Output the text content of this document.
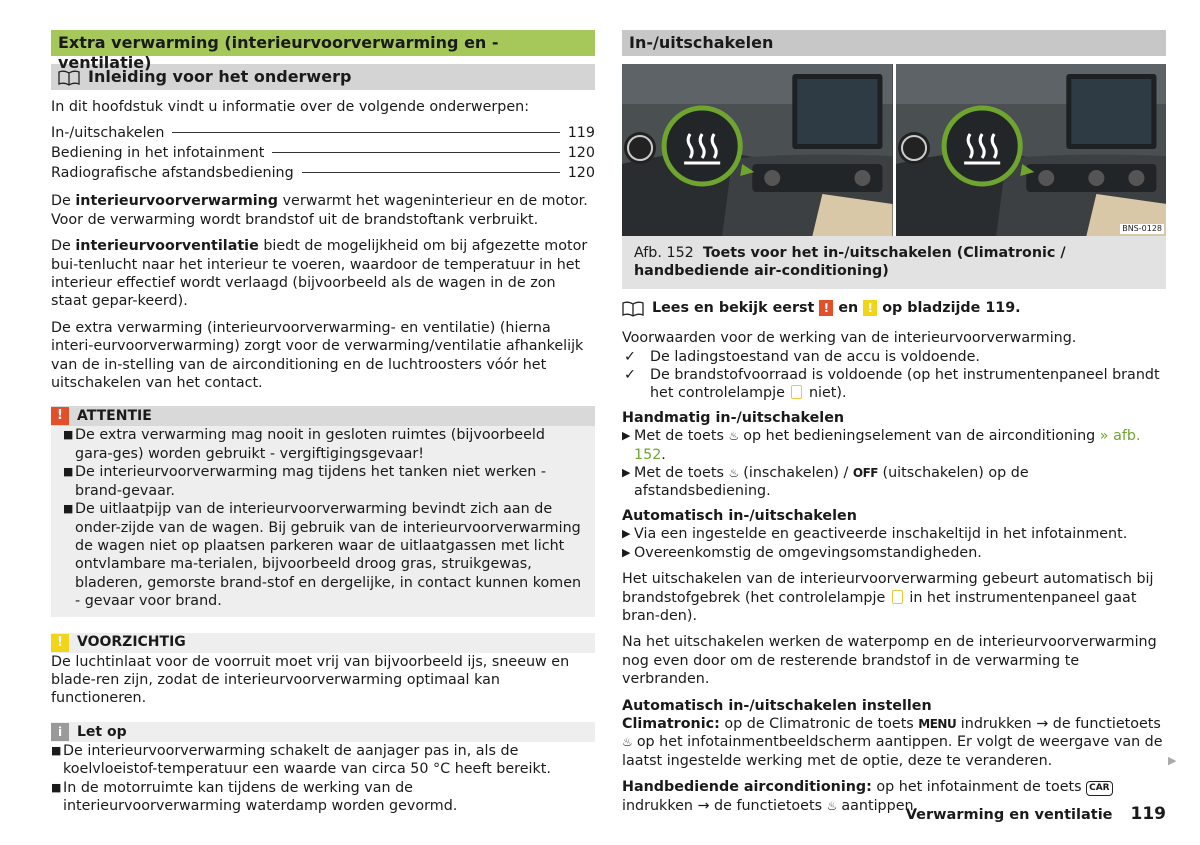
Extra verwarming (interieurvoorverwarming en -ventilatie)
Inleiding voor het onderwerp

In dit hoofdstuk vindt u informatie over de volgende onderwerpen:

In-/uitschakelen	119
Bediening in het infotainment	120
Radiografische afstandsbediening	120

De interieurvoorverwarming verwarmt het wageninterieur en de motor. Voor de verwarming wordt brandstof uit de brandstoftank verbruikt.

De interieurvoorventilatie biedt de mogelijkheid om bij afgezette motor bui-tenlucht naar het interieur te voeren, waardoor de temperatuur in het interieur effectief wordt verlaagd (bijvoorbeeld als de wagen in de zon staat gepar-keerd).

De extra verwarming (interieurvoorverwarming- en ventilatie) (hierna interi-eurvoorverwarming) zorgt voor de verwarming/ventilatie afhankelijk van de in-stelling van de airconditioning en de luchtroosters vóór het uitschakelen van het contact.

!	ATTENTIE
■ De extra verwarming mag nooit in gesloten ruimtes (bijvoorbeeld gara-ges) worden gebruikt - vergiftigingsgevaar!
■ De interieurvoorverwarming mag tijdens het tanken niet werken - brand-gevaar.
■ De uitlaatpijp van de interieurvoorverwarming bevindt zich aan de onder-zijde van de wagen. Bij gebruik van de interieurvoorverwarming de wagen niet op plaatsen parkeren waar de uitlaatgassen met licht ontvlambare ma-terialen, bijvoorbeeld droog gras, struikgewas, bladeren, gemorste brand-stof en dergelijke, in contact kunnen komen - gevaar voor brand.
!	VOORZICHTIG
De luchtinlaat voor de voorruit moet vrij van bijvoorbeeld ijs, sneeuw en blade-ren zijn, zodat de interieurvoorverwarming optimaal kan functioneren.
i	Let op
■ De interieurvoorverwarming schakelt de aanjager pas in, als de koelvloeistof-temperatuur een waarde van circa 50 °C heeft bereikt.
■ In de motorruimte kan tijdens de werking van de interieurvoorverwarming waterdamp worden gevormd.
In-/uitschakelen
BNS-0128
Afb. 152 Toets voor het in-/uitschakelen (Climatronic / handbediende air-conditioning)
Lees en bekijk eerst ! en ! op bladzijde 119.

Voorwaarden voor de werking van de interieurvoorverwarming.

✓ De ladingstoestand van de accu is voldoende.
✓ De brandstofvoorraad is voldoende (op het instrumentenpaneel brandt het controlelampje niet).
Handmatig in-/uitschakelen
▶ Met de toets ♨ op het bedieningselement van de airconditioning » afb. 152.
▶ Met de toets ♨ (inschakelen) / OFF (uitschakelen) op de afstandsbediening.
Automatisch in-/uitschakelen
▶ Via een ingestelde en geactiveerde inschakeltijd in het infotainment.
▶ Overeenkomstig de omgevingsomstandigheden.

Het uitschakelen van de interieurvoorverwarming gebeurt automatisch bij brandstofgebrek (het controlelampje in het instrumentenpaneel gaat bran-den).

Na het uitschakelen werken de waterpomp en de interieurvoorverwarming nog even door om de resterende brandstof in de verwarming te verbranden.

Automatisch in-/uitschakelen instellen
Climatronic: op de Climatronic de toets MENU indrukken → de functietoets ♨ op het infotainmentbeeldscherm aantippen. Er volgt de weergave van de laatst ingestelde werking met de optie, deze te veranderen.

Handbediende airconditioning: op het infotainment de toets CAR indrukken → de functietoets ♨ aantippen.

▶
Verwarming en ventilatie 119
